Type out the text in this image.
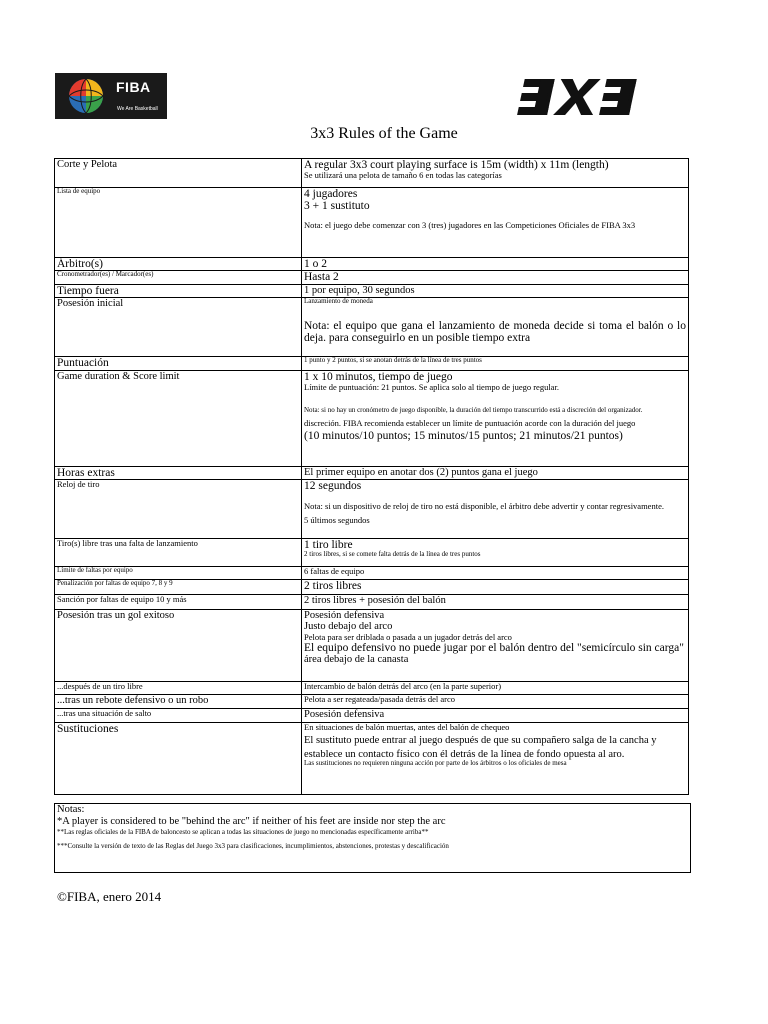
FIBA
We Are Basketball
3x3 Rules of the Game
Corte y Pelota	A regular 3x3 court playing surface is 15m (width) x 11m (length)
Se utilizará una pelota de tamaño 6 en todas las categorías

Lista de equipo	4 jugadores
3 + 1 sustituto
Nota: el juego debe comenzar con 3 (tres) jugadores en las Competiciones Oficiales de FIBA 3x3

Árbitro(s)	1 o 2
Cronometrador(es) / Marcador(es)	Hasta 2
Tiempo fuera	1 por equipo, 30 segundos
Posesión inicial	Lanzamiento de moneda
Nota: el equipo que gana el lanzamiento de moneda decide si toma el balón o lo deja. para conseguirlo en un posible tiempo extra

Puntuación	1 punto y 2 puntos, si se anotan detrás de la línea de tres puntos
Game duration & Score limit	1 x 10 minutos, tiempo de juego
Límite de puntuación: 21 puntos. Se aplica solo al tiempo de juego regular.
Nota: si no hay un cronómetro de juego disponible, la duración del tiempo transcurrido está a discreción del organizador.
discreción. FIBA recomienda establecer un límite de puntuación acorde con la duración del juego
(10 minutos/10 puntos; 15 minutos/15 puntos; 21 minutos/21 puntos)

Horas extras	El primer equipo en anotar dos (2) puntos gana el juego
Reloj de tiro	12 segundos
Nota: si un dispositivo de reloj de tiro no está disponible, el árbitro debe advertir y contar regresivamente.
5 últimos segundos

Tiro(s) libre tras una falta de lanzamiento	1 tiro libre
2 tiros libres, si se comete falta detrás de la línea de tres puntos

Límite de faltas por equipo	6 faltas de equipo
Penalización por faltas de equipo 7, 8 y 9	2 tiros libres
Sanción por faltas de equipo 10 y más	2 tiros libres + posesión del balón
Posesión tras un gol exitoso	Posesión defensiva
Justo debajo del arco
Pelota para ser driblada o pasada a un jugador detrás del arco
El equipo defensivo no puede jugar por el balón dentro del "semicírculo sin carga"
área debajo de la canasta

...después de un tiro libre	Intercambio de balón detrás del arco (en la parte superior)
...tras un rebote defensivo o un robo	Pelota a ser regateada/pasada detrás del arco
...tras una situación de salto	Posesión defensiva
Sustituciones	En situaciones de balón muertas, antes del balón de chequeo
El sustituto puede entrar al juego después de que su compañero salga de la cancha y
establece un contacto físico con él detrás de la línea de fondo opuesta al aro.
Las sustituciones no requieren ninguna acción por parte de los árbitros o los oficiales de mesa
Notas:
*A player is considered to be "behind the arc" if neither of his feet are inside nor step the arc
**Las reglas oficiales de la FIBA de baloncesto se aplican a todas las situaciones de juego no mencionadas específicamente arriba**
***Consulte la versión de texto de las Reglas del Juego 3x3 para clasificaciones, incumplimientos, abstenciones, protestas y descalificación
©FIBA, enero 2014
